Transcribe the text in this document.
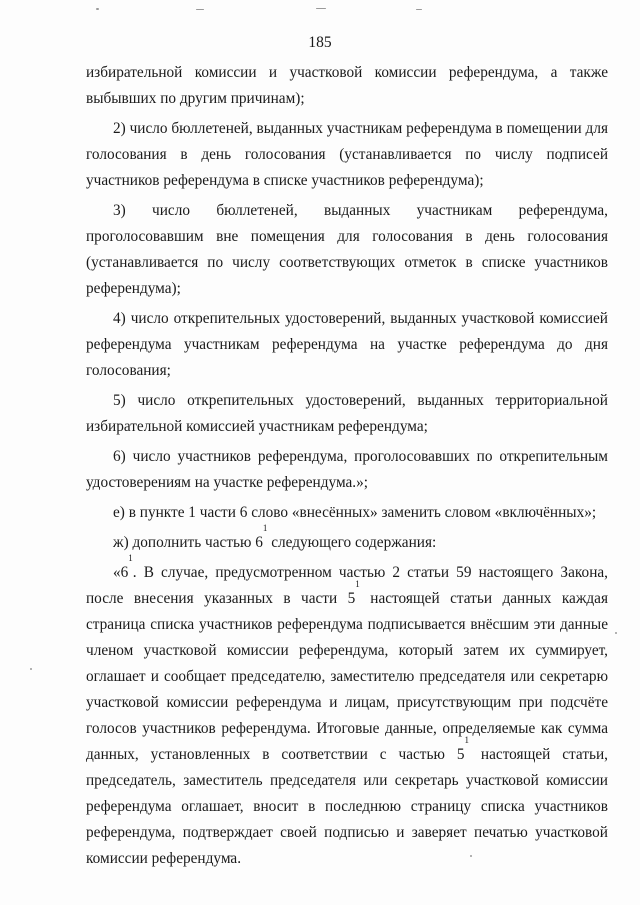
185

избирательной комиссии и участковой комиссии референдума, а также выбывших по другим причинам);

2) число бюллетеней, выданных участникам референдума в помещении для голосования в день голосования (устанавливается по числу подписей участников референдума в списке участников референдума);

3) число бюллетеней, выданных участникам референдума, проголосовавшим вне помещения для голосования в день голосования (устанавливается по числу соответствующих отметок в списке участников референдума);

4) число открепительных удостоверений, выданных участковой комиссией референдума участникам референдума на участке референдума до дня голосования;

5) число открепительных удостоверений, выданных территориальной избирательной комиссией участникам референдума;

6) число участников референдума, проголосовавших по открепительным удостоверениям на участке референдума.»;

е) в пункте 1 части 6 слово «внесённых» заменить словом «включённых»;

ж) дополнить частью $6^1$ следующего содержания:

«$6^1$. В случае, предусмотренном частью 2 статьи 59 настоящего Закона, после внесения указанных в части $5^1$ настоящей статьи данных каждая страница списка участников референдума подписывается внёсшим эти данные членом участковой комиссии референдума, который затем их суммирует, оглашает и сообщает председателю, заместителю председателя или секретарю участковой комиссии референдума и лицам, присутствующим при подсчёте голосов участников референдума. Итоговые данные, определяемые как сумма данных, установленных в соответствии с частью $5^1$ настоящей статьи, председатель, заместитель председателя или секретарь участковой комиссии референдума оглашает, вносит в последнюю страницу списка участников референдума, подтверждает своей подписью и заверяет печатью участковой комиссии референдума.
